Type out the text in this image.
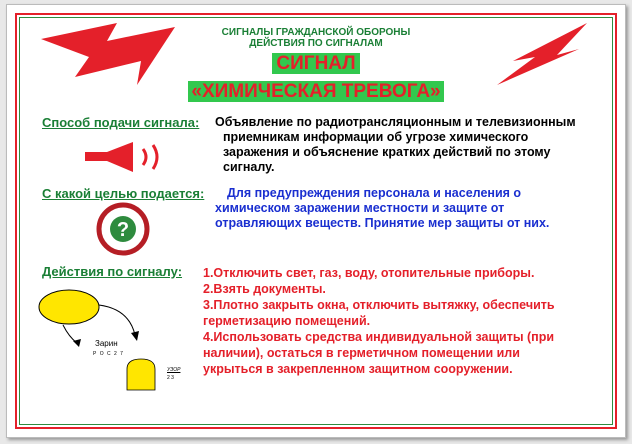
СИГНАЛЫ ГРАЖДАНСКОЙ ОБОРОНЫ
ДЕЙСТВИЯ ПО СИГНАЛАМ
СИГНАЛ
«ХИМИЧЕСКАЯ ТРЕВОГА»
Способ подачи сигнала: Объявление по радиотрансляционным и телевизионным
приемникам информации об угрозе химического
заражения и объяснение кратких действий по этому
сигналу.
С какой целью подается: Для предупреждения персонала и населения о
химическом заражении местности и защите от
отравляющих веществ. Принятие мер защиты от них.
?
Действия по сигналу: 1.Отключить свет, газ, воду, отопительные приборы.
2.Взять документы.
3.Плотно закрыть окна, отключить вытяжку, обеспечить
герметизацию помещений.
4.Использовать средства индивидуальной защиты (при
наличии), остаться в герметичном помещении или
укрыться в закрепленном защитном сооружении.
Зарин
Р О С 2 7
УЗОР
2 3
